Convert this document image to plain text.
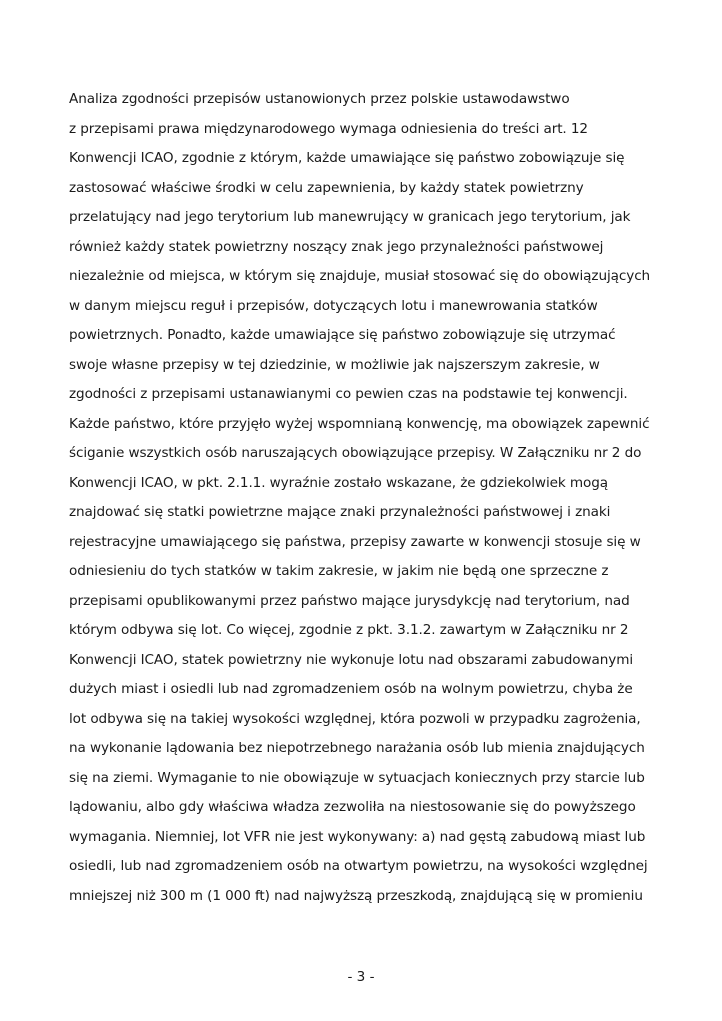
Analiza zgodności przepisów ustanowionych przez polskie ustawodawstwo
z przepisami prawa międzynarodowego wymaga odniesienia do treści art. 12
Konwencji ICAO, zgodnie z którym, każde umawiające się państwo zobowiązuje się
zastosować właściwe środki w celu zapewnienia, by każdy statek powietrzny
przelatujący nad jego terytorium lub manewrujący w granicach jego terytorium, jak
również każdy statek powietrzny noszący znak jego przynależności państwowej
niezależnie od miejsca, w którym się znajduje, musiał stosować się do obowiązujących
w danym miejscu reguł i przepisów, dotyczących lotu i manewrowania statków
powietrznych. Ponadto, każde umawiające się państwo zobowiązuje się utrzymać
swoje własne przepisy w tej dziedzinie, w możliwie jak najszerszym zakresie, w
zgodności z przepisami ustanawianymi co pewien czas na podstawie tej konwencji.
Każde państwo, które przyjęło wyżej wspomnianą konwencję, ma obowiązek zapewnić
ściganie wszystkich osób naruszających obowiązujące przepisy. W Załączniku nr 2 do
Konwencji ICAO, w pkt. 2.1.1. wyraźnie zostało wskazane, że gdziekolwiek mogą
znajdować się statki powietrzne mające znaki przynależności państwowej i znaki
rejestracyjne umawiającego się państwa, przepisy zawarte w konwencji stosuje się w
odniesieniu do tych statków w takim zakresie, w jakim nie będą one sprzeczne z
przepisami opublikowanymi przez państwo mające jurysdykcję nad terytorium, nad
którym odbywa się lot. Co więcej, zgodnie z pkt. 3.1.2. zawartym w Załączniku nr 2
Konwencji ICAO, statek powietrzny nie wykonuje lotu nad obszarami zabudowanymi
dużych miast i osiedli lub nad zgromadzeniem osób na wolnym powietrzu, chyba że
lot odbywa się na takiej wysokości względnej, która pozwoli w przypadku zagrożenia,
na wykonanie lądowania bez niepotrzebnego narażania osób lub mienia znajdujących
się na ziemi. Wymaganie to nie obowiązuje w sytuacjach koniecznych przy starcie lub
lądowaniu, albo gdy właściwa władza zezwoliła na niestosowanie się do powyższego
wymagania. Niemniej, lot VFR nie jest wykonywany: a) nad gęstą zabudową miast lub
osiedli, lub nad zgromadzeniem osób na otwartym powietrzu, na wysokości względnej
mniejszej niż 300 m (1 000 ft) nad najwyższą przeszkodą, znajdującą się w promieniu
- 3 -
